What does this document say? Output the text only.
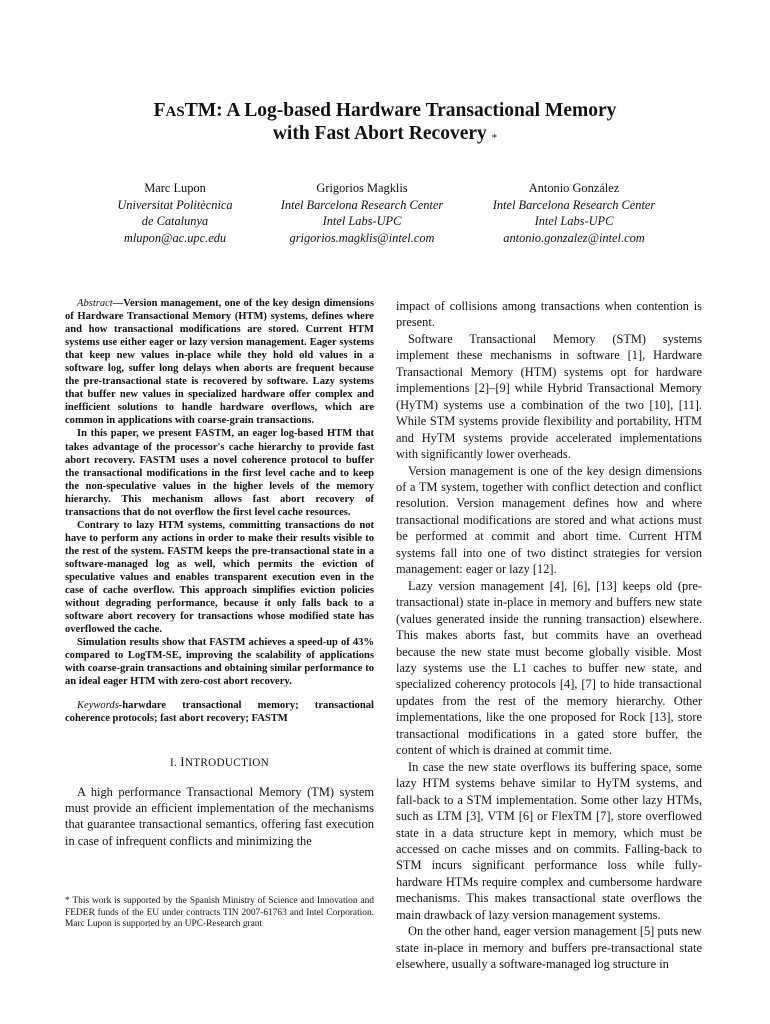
FASTM: A Log-based Hardware Transactional Memory
with Fast Abort Recovery *
Marc Lupon
Universitat Politècnica
de Catalunya
mlupon@ac.upc.edu
Grigorios Magklis
Intel Barcelona Research Center
Intel Labs-UPC
grigorios.magklis@intel.com
Antonio González
Intel Barcelona Research Center
Intel Labs-UPC
antonio.gonzalez@intel.com

Abstract—Version management, one of the key design dimensions of Hardware Transactional Memory (HTM) systems, defines where and how transactional modifications are stored. Current HTM systems use either eager or lazy version management. Eager systems that keep new values in-place while they hold old values in a software log, suffer long delays when aborts are frequent because the pre-transactional state is recovered by software. Lazy systems that buffer new values in specialized hardware offer complex and inefficient solutions to handle hardware overflows, which are common in applications with coarse-grain transactions.

In this paper, we present FASTM, an eager log-based HTM that takes advantage of the processor's cache hierarchy to provide fast abort recovery. FASTM uses a novel coherence protocol to buffer the transactional modifications in the first level cache and to keep the non-speculative values in the higher levels of the memory hierarchy. This mechanism allows fast abort recovery of transactions that do not overflow the first level cache resources.

Contrary to lazy HTM systems, committing transactions do not have to perform any actions in order to make their results visible to the rest of the system. FASTM keeps the pre-transactional state in a software-managed log as well, which permits the eviction of speculative values and enables transparent execution even in the case of cache overflow. This approach simplifies eviction policies without degrading performance, because it only falls back to a software abort recovery for transactions whose modified state has overflowed the cache.

Simulation results show that FASTM achieves a speed-up of 43% compared to LogTM-SE, improving the scalability of applications with coarse-grain transactions and obtaining similar performance to an ideal eager HTM with zero-cost abort recovery.

Keywords-harwdare transactional memory; transactional coherence protocols; fast abort recovery; FASTM

I. INTRODUCTION

A high performance Transactional Memory (TM) system must provide an efficient implementation of the mechanisms that guarantee transactional semantics, offering fast execution in case of infrequent conflicts and minimizing the

* This work is supported by the Spanish Ministry of Science and Innovation and FEDER funds of the EU under contracts TIN 2007-61763 and Intel Corporation. Marc Lupon is supported by an UPC-Research grant

impact of collisions among transactions when contention is present.

Software Transactional Memory (STM) systems implement these mechanisms in software [1], Hardware Transactional Memory (HTM) systems opt for hardware implementions [2]–[9] while Hybrid Transactional Memory (HyTM) systems use a combination of the two [10], [11]. While STM systems provide flexibility and portability, HTM and HyTM systems provide accelerated implementations with significantly lower overheads.

Version management is one of the key design dimensions of a TM system, together with conflict detection and conflict resolution. Version management defines how and where transactional modifications are stored and what actions must be performed at commit and abort time. Current HTM systems fall into one of two distinct strategies for version management: eager or lazy [12].

Lazy version management [4], [6], [13] keeps old (pre-transactional) state in-place in memory and buffers new state (values generated inside the running transaction) elsewhere. This makes aborts fast, but commits have an overhead because the new state must become globally visible. Most lazy systems use the L1 caches to buffer new state, and specialized coherency protocols [4], [7] to hide transactional updates from the rest of the memory hierarchy. Other implementations, like the one proposed for Rock [13], store transactional modifications in a gated store buffer, the content of which is drained at commit time.

In case the new state overflows its buffering space, some lazy HTM systems behave similar to HyTM systems, and fall-back to a STM implementation. Some other lazy HTMs, such as LTM [3], VTM [6] or FlexTM [7], store overflowed state in a data structure kept in memory, which must be accessed on cache misses and on commits. Falling-back to STM incurs significant performance loss while fully-hardware HTMs require complex and cumbersome hardware mechanisms. This makes transactional state overflows the main drawback of lazy version management systems.

On the other hand, eager version management [5] puts new state in-place in memory and buffers pre-transactional state elsewhere, usually a software-managed log structure in
